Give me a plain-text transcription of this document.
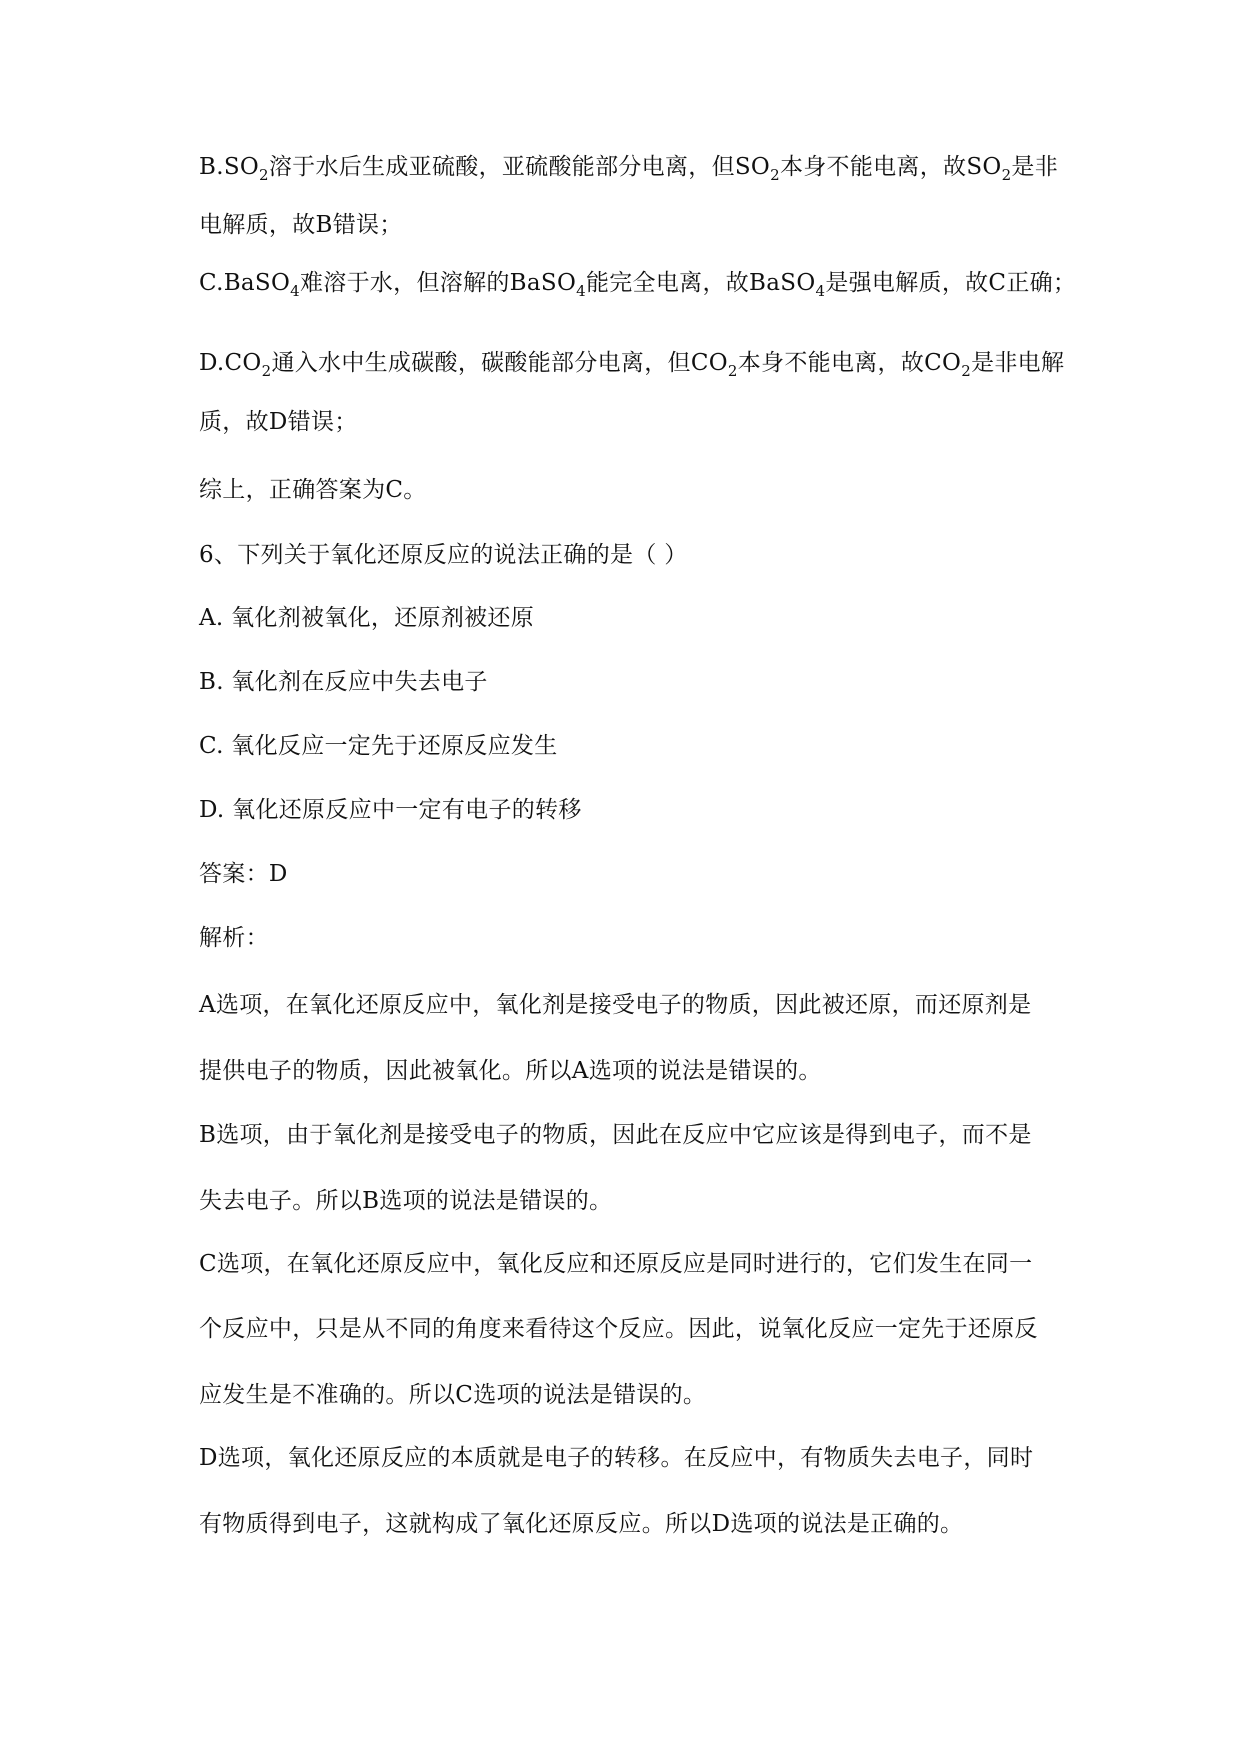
$B.SO_2$溶于水后生成亚硫酸，亚硫酸能部分电离，但$SO_2$本身不能电离，故$SO_2$是非
电解质，故B错误；
C.BaSO$_4$难溶于水，但溶解的BaSO$_4$能完全电离，故BaSO$_4$是强电解质，故C正确；
$D.CO_2$通入水中生成碳酸，碳酸能部分电离，但$CO_2$本身不能电离，故$CO_2$是非电解
质，故D错误；
综上，正确答案为C。
6、下列关于氧化还原反应的说法正确的是（ ）
A. 氧化剂被氧化，还原剂被还原
B. 氧化剂在反应中失去电子
C. 氧化反应一定先于还原反应发生
D. 氧化还原反应中一定有电子的转移
答案：D
解析：
A选项，在氧化还原反应中，氧化剂是接受电子的物质，因此被还原，而还原剂是
提供电子的物质，因此被氧化。所以A选项的说法是错误的。
B选项，由于氧化剂是接受电子的物质，因此在反应中它应该是得到电子，而不是
失去电子。所以B选项的说法是错误的。
C选项，在氧化还原反应中，氧化反应和还原反应是同时进行的，它们发生在同一
个反应中，只是从不同的角度来看待这个反应。因此，说氧化反应一定先于还原反
应发生是不准确的。所以C选项的说法是错误的。
D选项，氧化还原反应的本质就是电子的转移。在反应中，有物质失去电子，同时
有物质得到电子，这就构成了氧化还原反应。所以D选项的说法是正确的。
